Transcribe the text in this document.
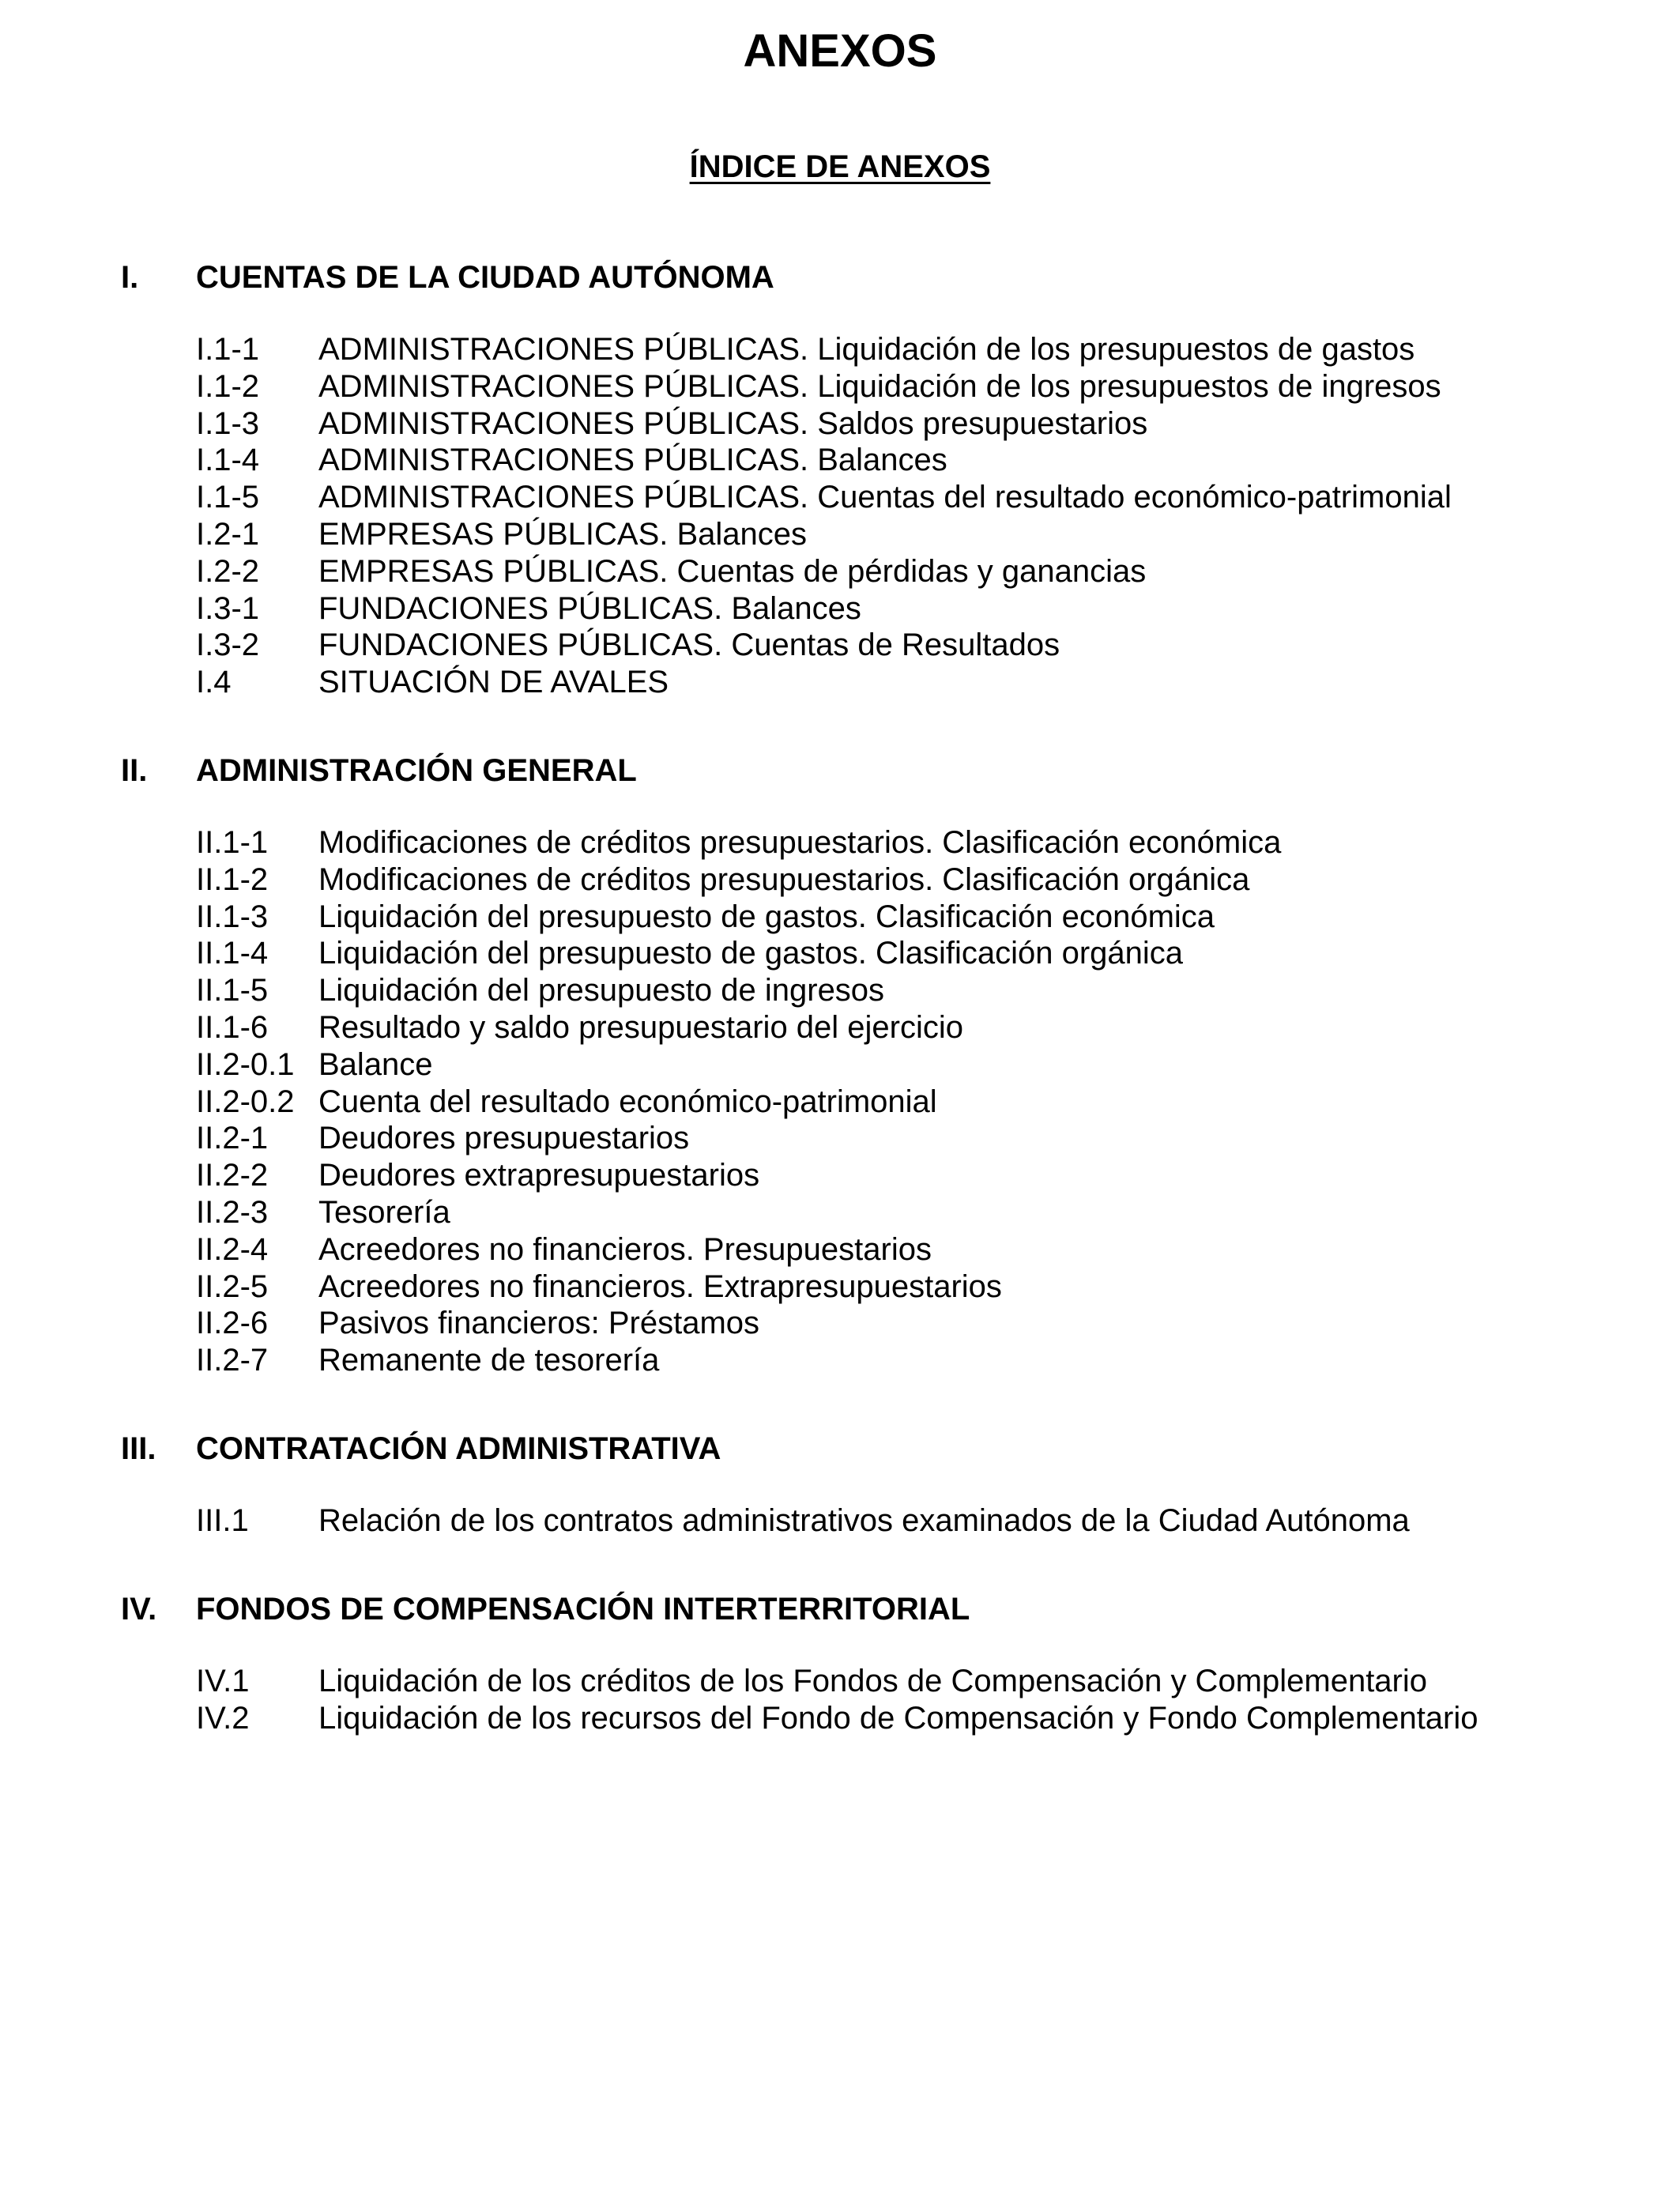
ANEXOS
ÍNDICE DE ANEXOS
I. CUENTAS DE LA CIUDAD AUTÓNOMA
I.1-1 ADMINISTRACIONES PÚBLICAS. Liquidación de los presupuestos de gastos
I.1-2 ADMINISTRACIONES PÚBLICAS. Liquidación de los presupuestos de ingresos
I.1-3 ADMINISTRACIONES PÚBLICAS. Saldos presupuestarios
I.1-4 ADMINISTRACIONES PÚBLICAS. Balances
I.1-5 ADMINISTRACIONES PÚBLICAS. Cuentas del resultado económico-patrimonial
I.2-1 EMPRESAS PÚBLICAS. Balances
I.2-2 EMPRESAS PÚBLICAS. Cuentas de pérdidas y ganancias
I.3-1 FUNDACIONES PÚBLICAS. Balances
I.3-2 FUNDACIONES PÚBLICAS. Cuentas de Resultados
I.4	SITUACIÓN DE AVALES
II. ADMINISTRACIÓN GENERAL
II.1-1 Modificaciones de créditos presupuestarios. Clasificación económica
II.1-2 Modificaciones de créditos presupuestarios. Clasificación orgánica
II.1-3 Liquidación del presupuesto de gastos. Clasificación económica
II.1-4 Liquidación del presupuesto de gastos. Clasificación orgánica
II.1-5 Liquidación del presupuesto de ingresos
II.1-6 Resultado y saldo presupuestario del ejercicio
II.2-0.1 Balance
II.2-0.2 Cuenta del resultado económico-patrimonial
II.2-1 Deudores presupuestarios
II.2-2 Deudores extrapresupuestarios
II.2-3 Tesorería
II.2-4 Acreedores no financieros. Presupuestarios
II.2-5 Acreedores no financieros. Extrapresupuestarios
II.2-6 Pasivos financieros: Préstamos
II.2-7 Remanente de tesorería
III. CONTRATACIÓN ADMINISTRATIVA
III.1 Relación de los contratos administrativos examinados de la Ciudad Autónoma
IV. FONDOS DE COMPENSACIÓN INTERTERRITORIAL
IV.1 Liquidación de los créditos de los Fondos de Compensación y Complementario
IV.2 Liquidación de los recursos del Fondo de Compensación y Fondo Complementario
